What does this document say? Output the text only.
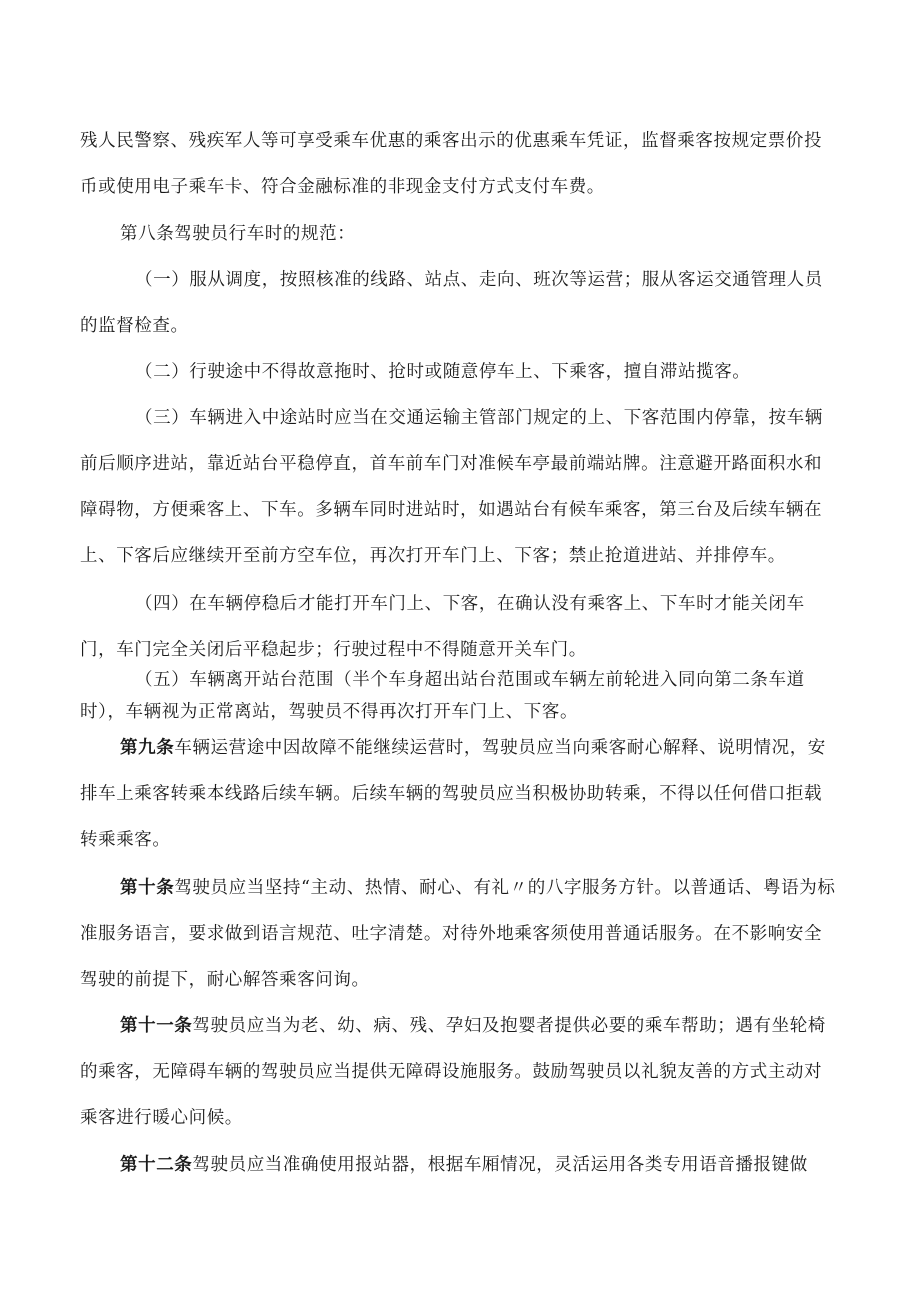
残人民警察、残疾军人等可享受乘车优惠的乘客出示的优惠乘车凭证，监督乘客按规定票价投币或使用电子乘车卡、符合金融标准的非现金支付方式支付车费。

第八条驾驶员行车时的规范：

（一）服从调度，按照核准的线路、站点、走向、班次等运营；服从客运交通管理人员的监督检查。

（二）行驶途中不得故意拖时、抢时或随意停车上、下乘客，擅自滞站揽客。

（三）车辆进入中途站时应当在交通运输主管部门规定的上、下客范围内停靠，按车辆前后顺序进站，靠近站台平稳停直，首车前车门对准候车亭最前端站牌。注意避开路面积水和障碍物，方便乘客上、下车。多辆车同时进站时，如遇站台有候车乘客，第三台及后续车辆在上、下客后应继续开至前方空车位，再次打开车门上、下客；禁止抢道进站、并排停车。

（四）在车辆停稳后才能打开车门上、下客，在确认没有乘客上、下车时才能关闭车门，车门完全关闭后平稳起步；行驶过程中不得随意开关车门。

（五）车辆离开站台范围（半个车身超出站台范围或车辆左前轮进入同向第二条车道时），车辆视为正常离站，驾驶员不得再次打开车门上、下客。

第九条车辆运营途中因故障不能继续运营时，驾驶员应当向乘客耐心解释、说明情况，安排车上乘客转乘本线路后续车辆。后续车辆的驾驶员应当积极协助转乘，不得以任何借口拒载转乘乘客。

第十条驾驶员应当坚持“主动、热情、耐心、有礼〃的八字服务方针。以普通话、粤语为标准服务语言，要求做到语言规范、吐字清楚。对待外地乘客须使用普通话服务。在不影响安全驾驶的前提下，耐心解答乘客问询。

第十一条驾驶员应当为老、幼、病、残、孕妇及抱婴者提供必要的乘车帮助；遇有坐轮椅的乘客，无障碍车辆的驾驶员应当提供无障碍设施服务。鼓励驾驶员以礼貌友善的方式主动对乘客进行暖心问候。

第十二条驾驶员应当准确使用报站器，根据车厢情况，灵活运用各类专用语音播报键做
